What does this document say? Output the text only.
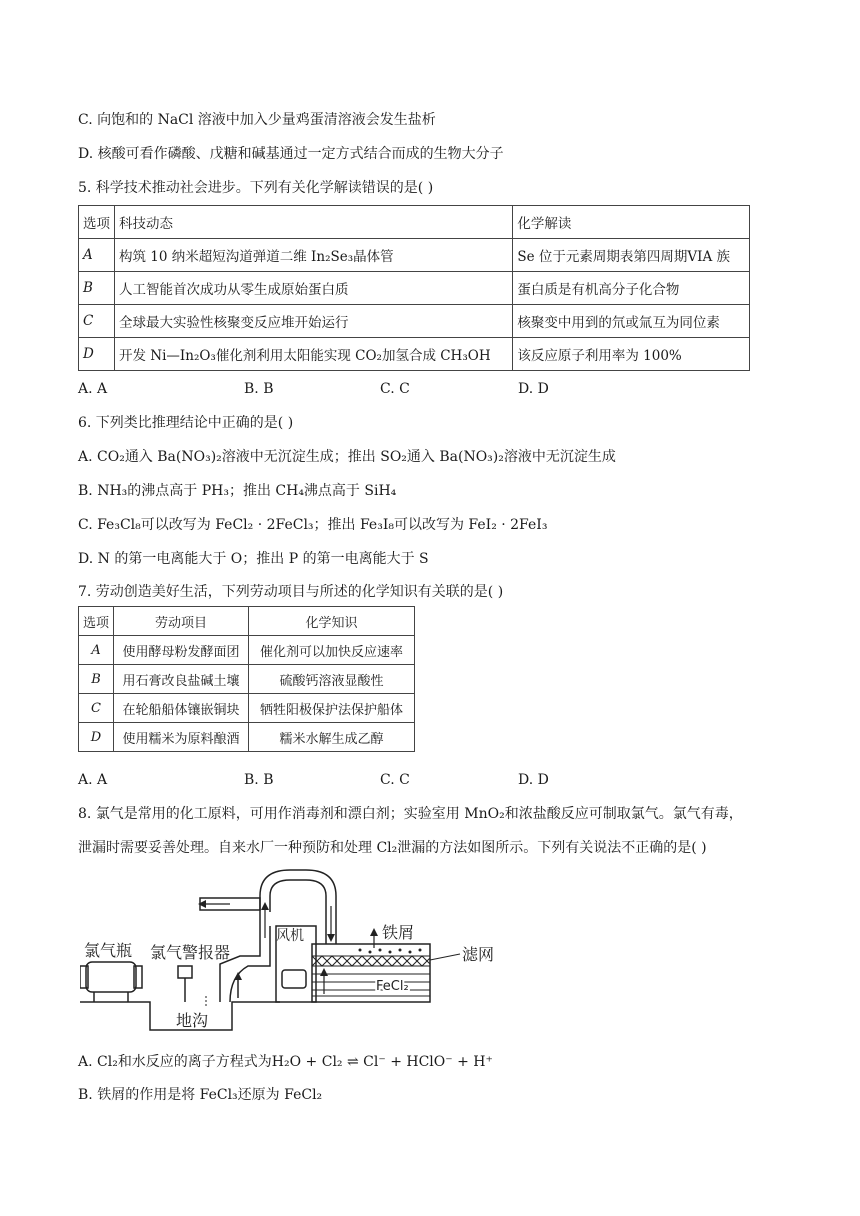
C. 向饱和的 NaCl 溶液中加入少量鸡蛋清溶液会发生盐析
D. 核酸可看作磷酸、戊糖和碱基通过一定方式结合而成的生物大分子
5. 科学技术推动社会进步。下列有关化学解读错误的是( )
选项	科技动态	化学解读
A	构筑 10 纳米超短沟道弹道二维 In₂Se₃晶体管	Se 位于元素周期表第四周期VIA 族
B	人工智能首次成功从零生成原始蛋白质	蛋白质是有机高分子化合物
C	全球最大实验性核聚变反应堆开始运行	核聚变中用到的氘或氚互为同位素
D	开发 Ni—In₂O₃催化剂利用太阳能实现 CO₂加氢合成 CH₃OH	该反应原子利用率为 100%
A. A	B. B	C. C	D. D
6. 下列类比推理结论中正确的是( )
A. CO₂通入 Ba(NO₃)₂溶液中无沉淀生成；推出 SO₂通入 Ba(NO₃)₂溶液中无沉淀生成
B. NH₃的沸点高于 PH₃；推出 CH₄沸点高于 SiH₄
C. Fe₃Cl₈可以改写为 FeCl₂ · 2FeCl₃；推出 Fe₃I₈可以改写为 FeI₂ · 2FeI₃
D. N 的第一电离能大于 O；推出 P 的第一电离能大于 S
7. 劳动创造美好生活，下列劳动项目与所述的化学知识有关联的是( )
选项	劳动项目	化学知识
A	使用酵母粉发酵面团	催化剂可以加快反应速率
B	用石膏改良盐碱土壤	硫酸钙溶液显酸性
C	在轮船船体镶嵌铜块	牺牲阳极保护法保护船体
D	使用糯米为原料酿酒	糯米水解生成乙醇
A. A	B. B	C. C	D. D
8. 氯气是常用的化工原料，可用作消毒剂和漂白剂；实验室用 MnO₂和浓盐酸反应可制取氯气。氯气有毒，
泄漏时需要妥善处理。自来水厂一种预防和处理 Cl₂泄漏的方法如图所示。下列有关说法不正确的是( )
氯气瓶 氯气警报器
地沟
风机	铁屑
滤网
FeCl₂
A. Cl₂和水反应的离子方程式为H₂O + Cl₂ ⇌ Cl⁻ + HClO⁻ + H⁺
B. 铁屑的作用是将 FeCl₃还原为 FeCl₂
